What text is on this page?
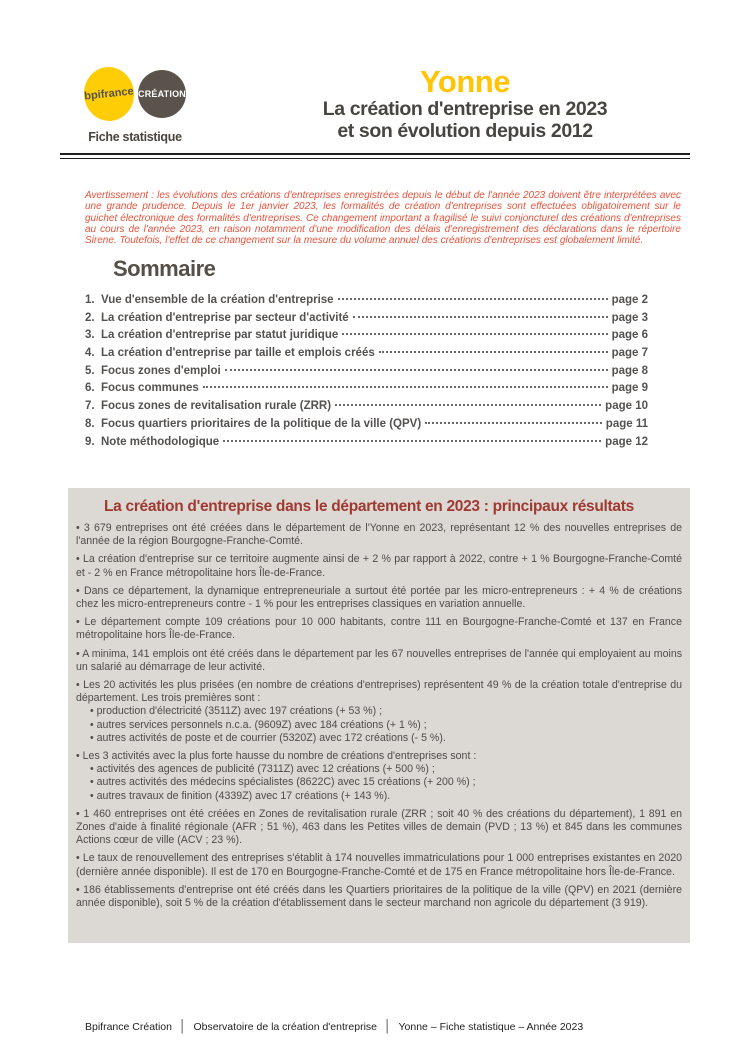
bpifrance CRÉATION
Fiche statistique
Yonne
La création d'entreprise en 2023
et son évolution depuis 2012

Avertissement : les évolutions des créations d'entreprises enregistrées depuis le début de l'année 2023 doivent être interprétées avec une grande prudence. Depuis le 1er janvier 2023, les formalités de création d'entreprises sont effectuées obligatoirement sur le guichet électronique des formalités d'entreprises. Ce changement important a fragilisé le suivi conjoncturel des créations d'entreprises au cours de l'année 2023, en raison notamment d'une modification des délais d'enregistrement des déclarations dans le répertoire Sirene. Toutefois, l'effet de ce changement sur la mesure du volume annuel des créations d'entreprises est globalement limité.

Sommaire
1. Vue d'ensemble de la création d'entreprise	page 2
2. La création d'entreprise par secteur d'activité	page 3
3. La création d'entreprise par statut juridique	page 6
4. La création d'entreprise par taille et emplois créés	page 7
5. Focus zones d'emploi	page 8
6. Focus communes	page 9
7. Focus zones de revitalisation rurale (ZRR)	page 10
8. Focus quartiers prioritaires de la politique de la ville (QPV)	page 11
9. Note méthodologique	page 12
La création d'entreprise dans le département en 2023 : principaux résultats

• 3 679 entreprises ont été créées dans le département de l'Yonne en 2023, représentant 12 % des nouvelles entreprises de l'année de la région Bourgogne-Franche-Comté.

• La création d'entreprise sur ce territoire augmente ainsi de + 2 % par rapport à 2022, contre + 1 % Bourgogne-Franche-Comté et - 2 % en France métropolitaine hors Île-de-France.

• Dans ce département, la dynamique entrepreneuriale a surtout été portée par les micro-entrepreneurs : + 4 % de créations chez les micro-entrepreneurs contre - 1 % pour les entreprises classiques en variation annuelle.

• Le département compte 109 créations pour 10 000 habitants, contre 111 en Bourgogne-Franche-Comté et 137 en France métropolitaine hors Île-de-France.

• A minima, 141 emplois ont été créés dans le département par les 67 nouvelles entreprises de l'année qui employaient au moins un salarié au démarrage de leur activité.

• Les 20 activités les plus prisées (en nombre de créations d'entreprises) représentent 49 % de la création totale d'entreprise du département. Les trois premières sont :

• production d'électricité (3511Z) avec 197 créations (+ 53 %) ;

• autres services personnels n.c.a. (9609Z) avec 184 créations (+ 1 %) ;

• autres activités de poste et de courrier (5320Z) avec 172 créations (- 5 %).

• Les 3 activités avec la plus forte hausse du nombre de créations d'entreprises sont :

• activités des agences de publicité (7311Z) avec 12 créations (+ 500 %) ;

• autres activités des médecins spécialistes (8622C) avec 15 créations (+ 200 %) ;

• autres travaux de finition (4339Z) avec 17 créations (+ 143 %).

• 1 460 entreprises ont été créées en Zones de revitalisation rurale (ZRR ; soit 40 % des créations du département), 1 891 en Zones d'aide à finalité régionale (AFR ; 51 %), 463 dans les Petites villes de demain (PVD ; 13 %) et 845 dans les communes Actions cœur de ville (ACV ; 23 %).

• Le taux de renouvellement des entreprises s'établit à 174 nouvelles immatriculations pour 1 000 entreprises existantes en 2020 (dernière année disponible). Il est de 170 en Bourgogne-Franche-Comté et de 175 en France métropolitaine hors Île-de-France.

• 186 établissements d'entreprise ont été créés dans les Quartiers prioritaires de la politique de la ville (QPV) en 2021 (dernière année disponible), soit 5 % de la création d'établissement dans le secteur marchand non agricole du département (3 919).

Bpifrance Création │ Observatoire de la création d'entreprise │ Yonne – Fiche statistique – Année 2023
